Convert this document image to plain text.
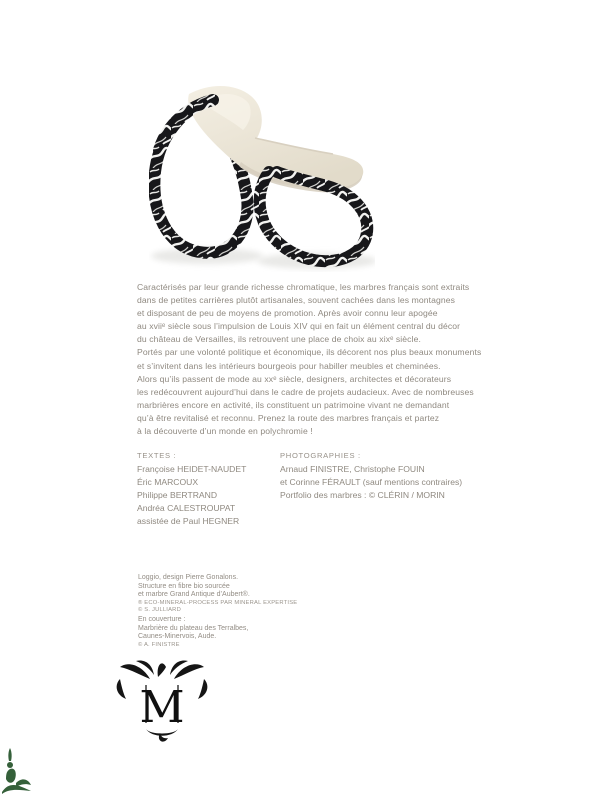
Caractérisés par leur grande richesse chromatique, les marbres français sont extraits
dans de petites carrières plutôt artisanales, souvent cachées dans les montagnes
et disposant de peu de moyens de promotion. Après avoir connu leur apogée
au xviiᵉ siècle sous l’impulsion de Louis XIV qui en fait un élément central du décor
du château de Versailles, ils retrouvent une place de choix au xixᵉ siècle.
Portés par une volonté politique et économique, ils décorent nos plus beaux monuments
et s’invitent dans les intérieurs bourgeois pour habiller meubles et cheminées.
Alors qu’ils passent de mode au xxᵉ siècle, designers, architectes et décorateurs
les redécouvrent aujourd’hui dans le cadre de projets audacieux. Avec de nombreuses
marbrières encore en activité, ils constituent un patrimoine vivant ne demandant
qu’à être revitalisé et reconnu. Prenez la route des marbres français et partez
à la découverte d’un monde en polychromie !
TEXTES :
Françoise HEIDET-NAUDET
Éric MARCOUX
Philippe BERTRAND
Andréa CALESTROUPAT
assistée de Paul HEGNER
PHOTOGRAPHIES :
Arnaud FINISTRE, Christophe FOUIN
et Corinne FÉRAULT (sauf mentions contraires)
Portfolio des marbres : © CLÉRIN / MORIN
Loggio, design Pierre Gonalons.
Structure en fibre bio sourcée
et marbre Grand Antique d’Aubert®.
® ECO-MINERAL-PROCESS PAR MINERAL EXPERTISE
© S. JULLIARD
En couverture :
Marbrière du plateau des Terralbes,
Caunes-Minervois, Aude.
© A. FINISTRE
M
